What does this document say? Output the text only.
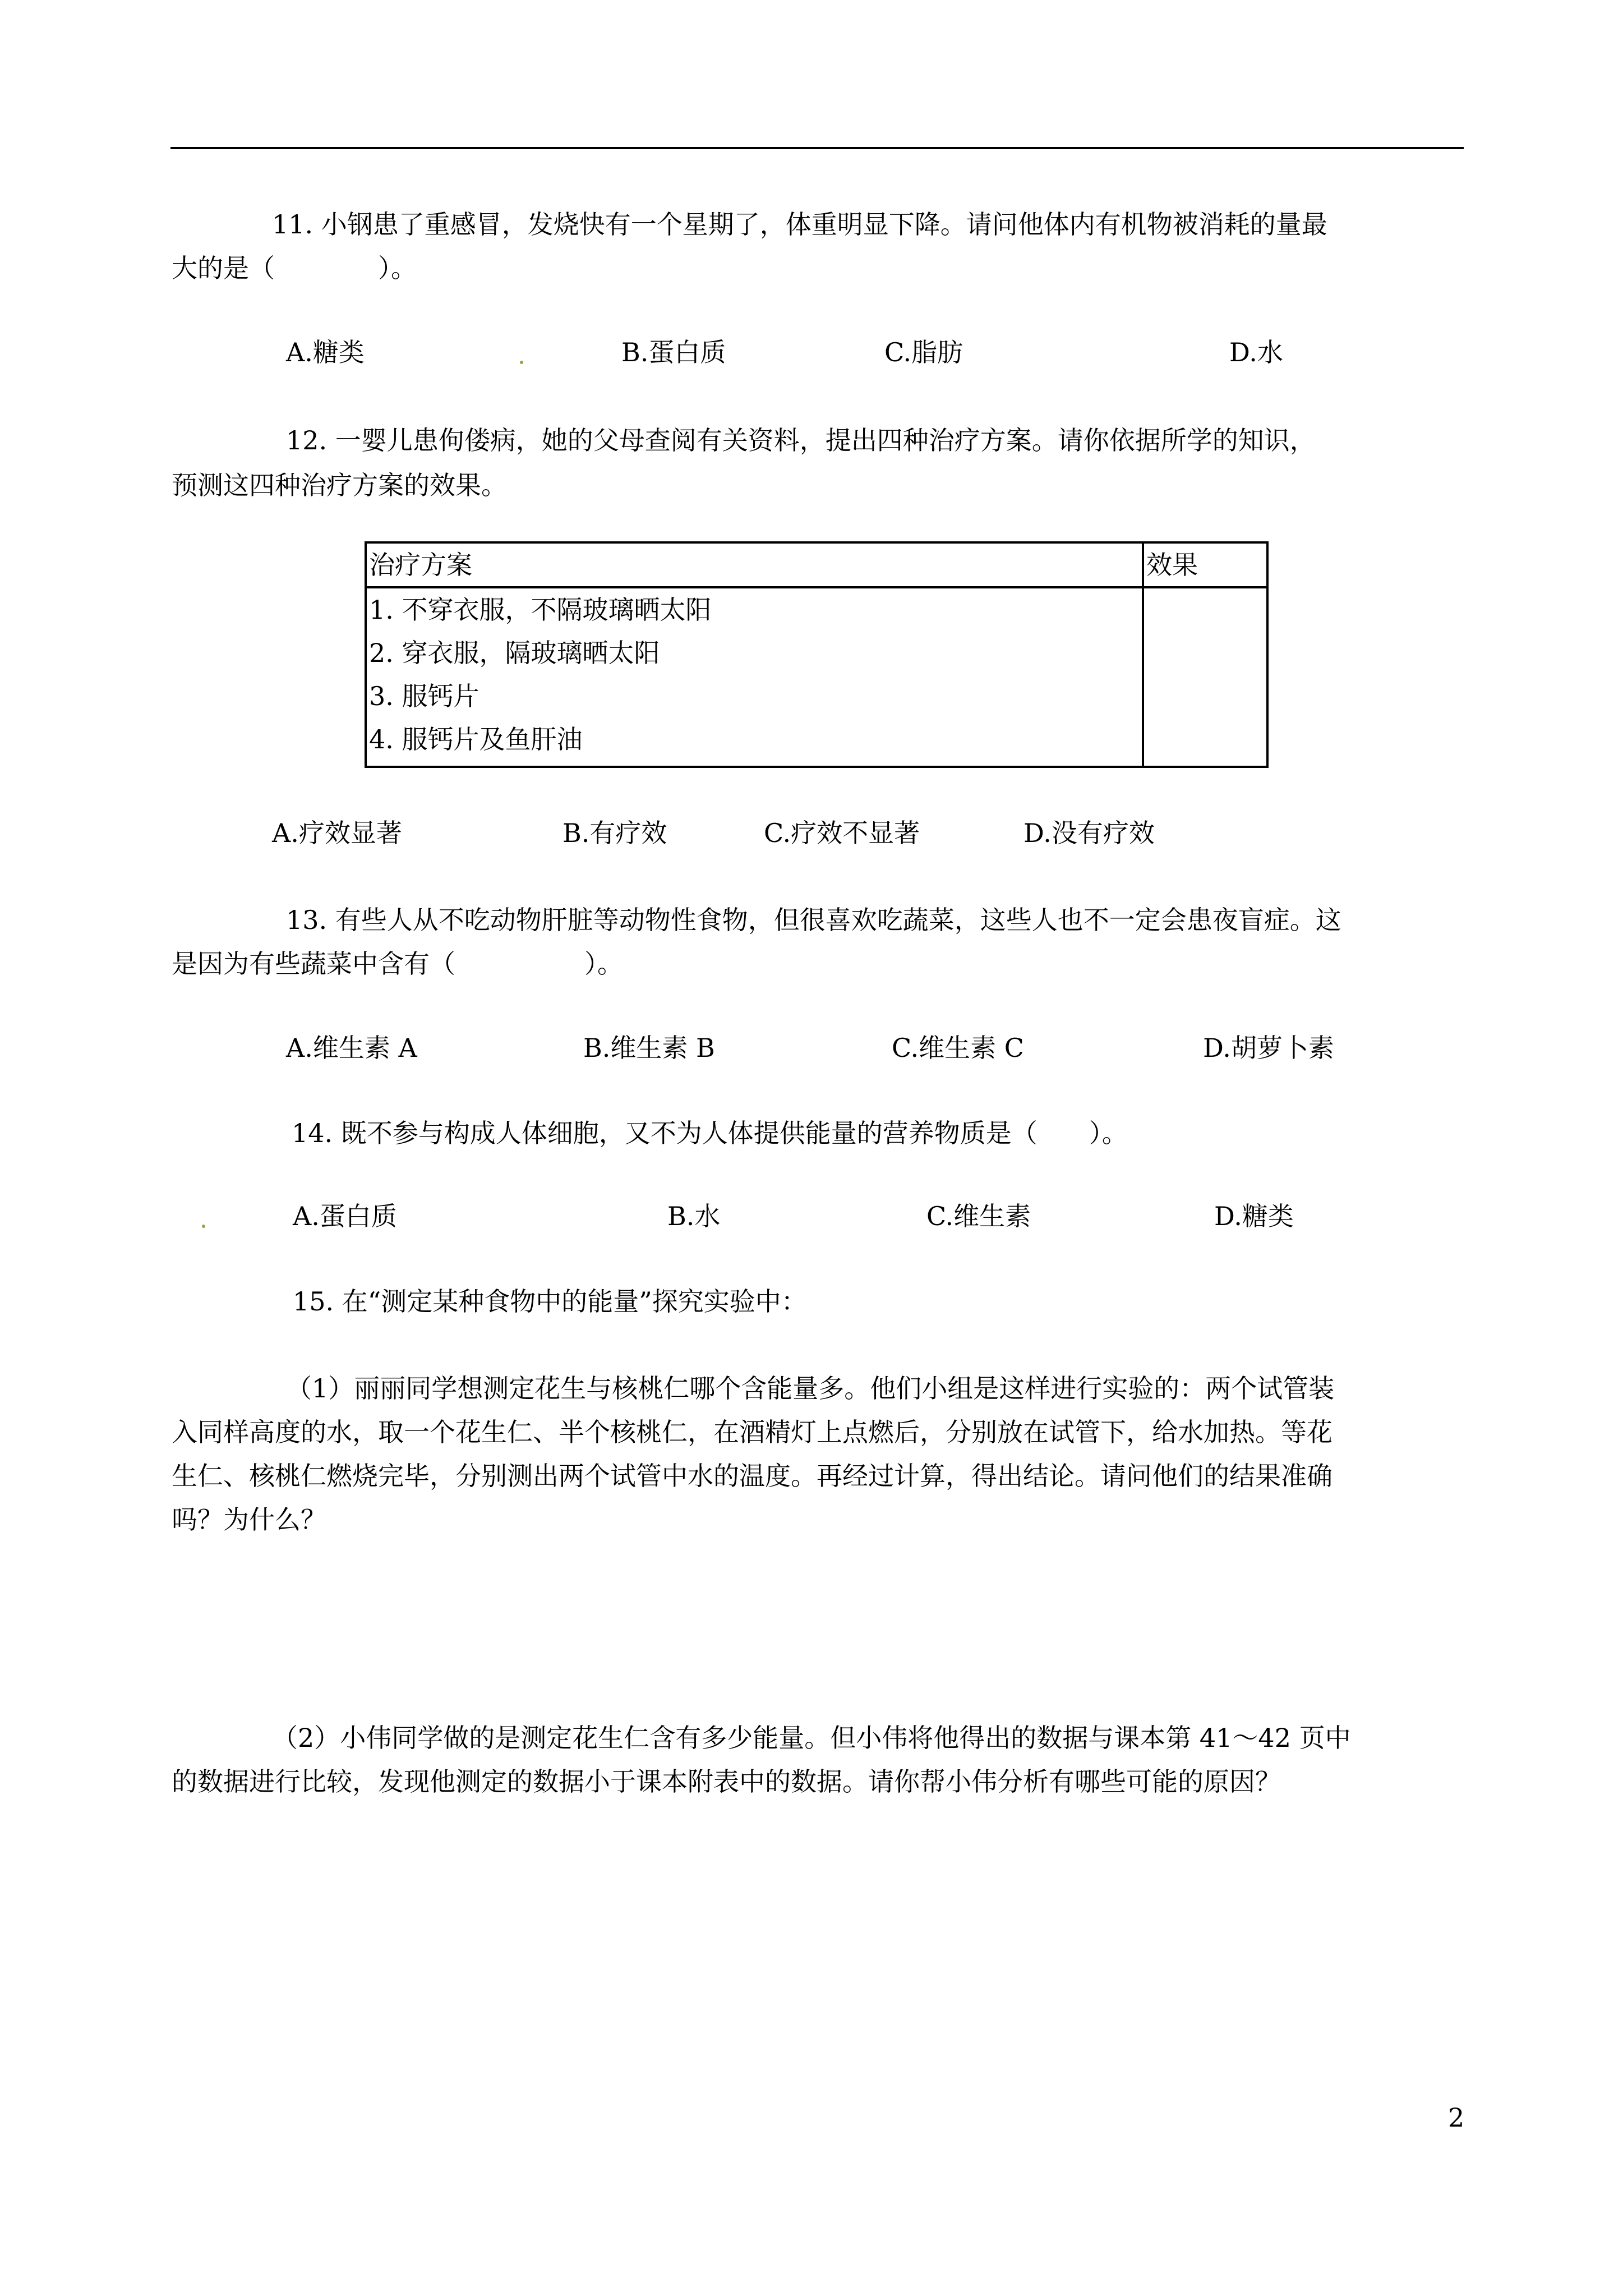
11. 小钢患了重感冒，发烧快有一个星期了，体重明显下降。请问他体内有机物被消耗的量最
大的是（　　　　）。
A.糖类	B.蛋白质	C.脂肪	D.水
12. 一婴儿患佝偻病，她的父母查阅有关资料，提出四种治疗方案。请你依据所学的知识，
预测这四种治疗方案的效果。
治疗方案	效果

1. 不穿衣服，不隔玻璃晒太阳
2. 穿衣服，隔玻璃晒太阳
3. 服钙片
4. 服钙片及鱼肝油	

A.疗效显著	B.有疗效	C.疗效不显著	D.没有疗效
13. 有些人从不吃动物肝脏等动物性食物，但很喜欢吃蔬菜，这些人也不一定会患夜盲症。这
是因为有些蔬菜中含有（　　　　　）。
A.维生素 A	B.维生素 B	C.维生素 C	D.胡萝卜素
14. 既不参与构成人体细胞，又不为人体提供能量的营养物质是（　　）。
A.蛋白质	B.水	C.维生素	D.糖类
15. 在“测定某种食物中的能量”探究实验中：
（1）丽丽同学想测定花生与核桃仁哪个含能量多。他们小组是这样进行实验的：两个试管装
入同样高度的水，取一个花生仁、半个核桃仁，在酒精灯上点燃后，分别放在试管下，给水加热。等花
生仁、核桃仁燃烧完毕，分别测出两个试管中水的温度。再经过计算，得出结论。请问他们的结果准确
吗？为什么？
（2）小伟同学做的是测定花生仁含有多少能量。但小伟将他得出的数据与课本第 41～42 页中
的数据进行比较，发现他测定的数据小于课本附表中的数据。请你帮小伟分析有哪些可能的原因？
2
